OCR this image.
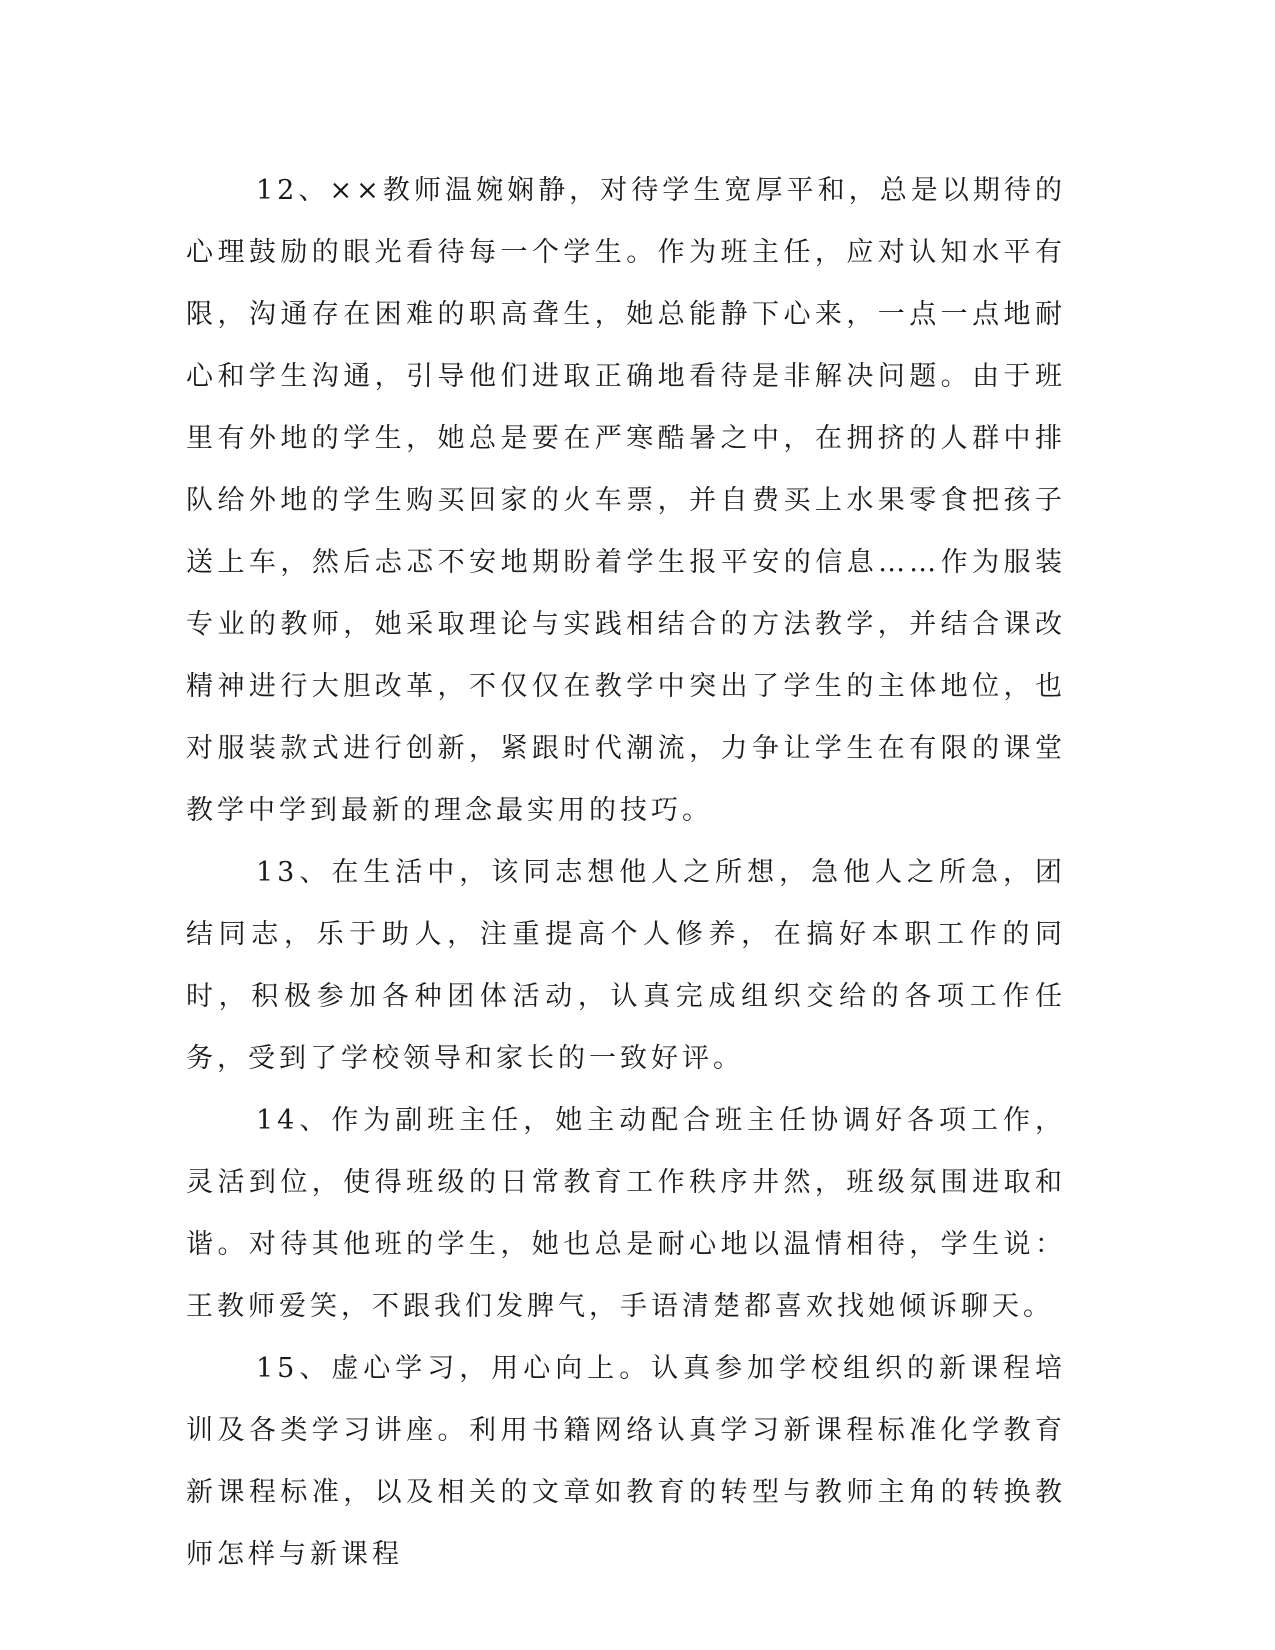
12、××教师温婉娴静，对待学生宽厚平和，总是以期待的心理鼓励的眼光看待每一个学生。作为班主任，应对认知水平有限，沟通存在困难的职高聋生，她总能静下心来，一点一点地耐心和学生沟通，引导他们进取正确地看待是非解决问题。由于班里有外地的学生，她总是要在严寒酷暑之中，在拥挤的人群中排队给外地的学生购买回家的火车票，并自费买上水果零食把孩子送上车，然后忐忑不安地期盼着学生报平安的信息……作为服装专业的教师，她采取理论与实践相结合的方法教学，并结合课改精神进行大胆改革，不仅仅在教学中突出了学生的主体地位，也对服装款式进行创新，紧跟时代潮流，力争让学生在有限的课堂教学中学到最新的理念最实用的技巧。

13、在生活中，该同志想他人之所想，急他人之所急，团结同志，乐于助人，注重提高个人修养，在搞好本职工作的同时，积极参加各种团体活动，认真完成组织交给的各项工作任务，受到了学校领导和家长的一致好评。

14、作为副班主任，她主动配合班主任协调好各项工作，灵活到位，使得班级的日常教育工作秩序井然，班级氛围进取和谐。对待其他班的学生，她也总是耐心地以温情相待，学生说：王教师爱笑，不跟我们发脾气，手语清楚都喜欢找她倾诉聊天。

15、虚心学习，用心向上。认真参加学校组织的新课程培训及各类学习讲座。利用书籍网络认真学习新课程标准化学教育新课程标准，以及相关的文章如教育的转型与教师主角的转换教师怎样与新课程
